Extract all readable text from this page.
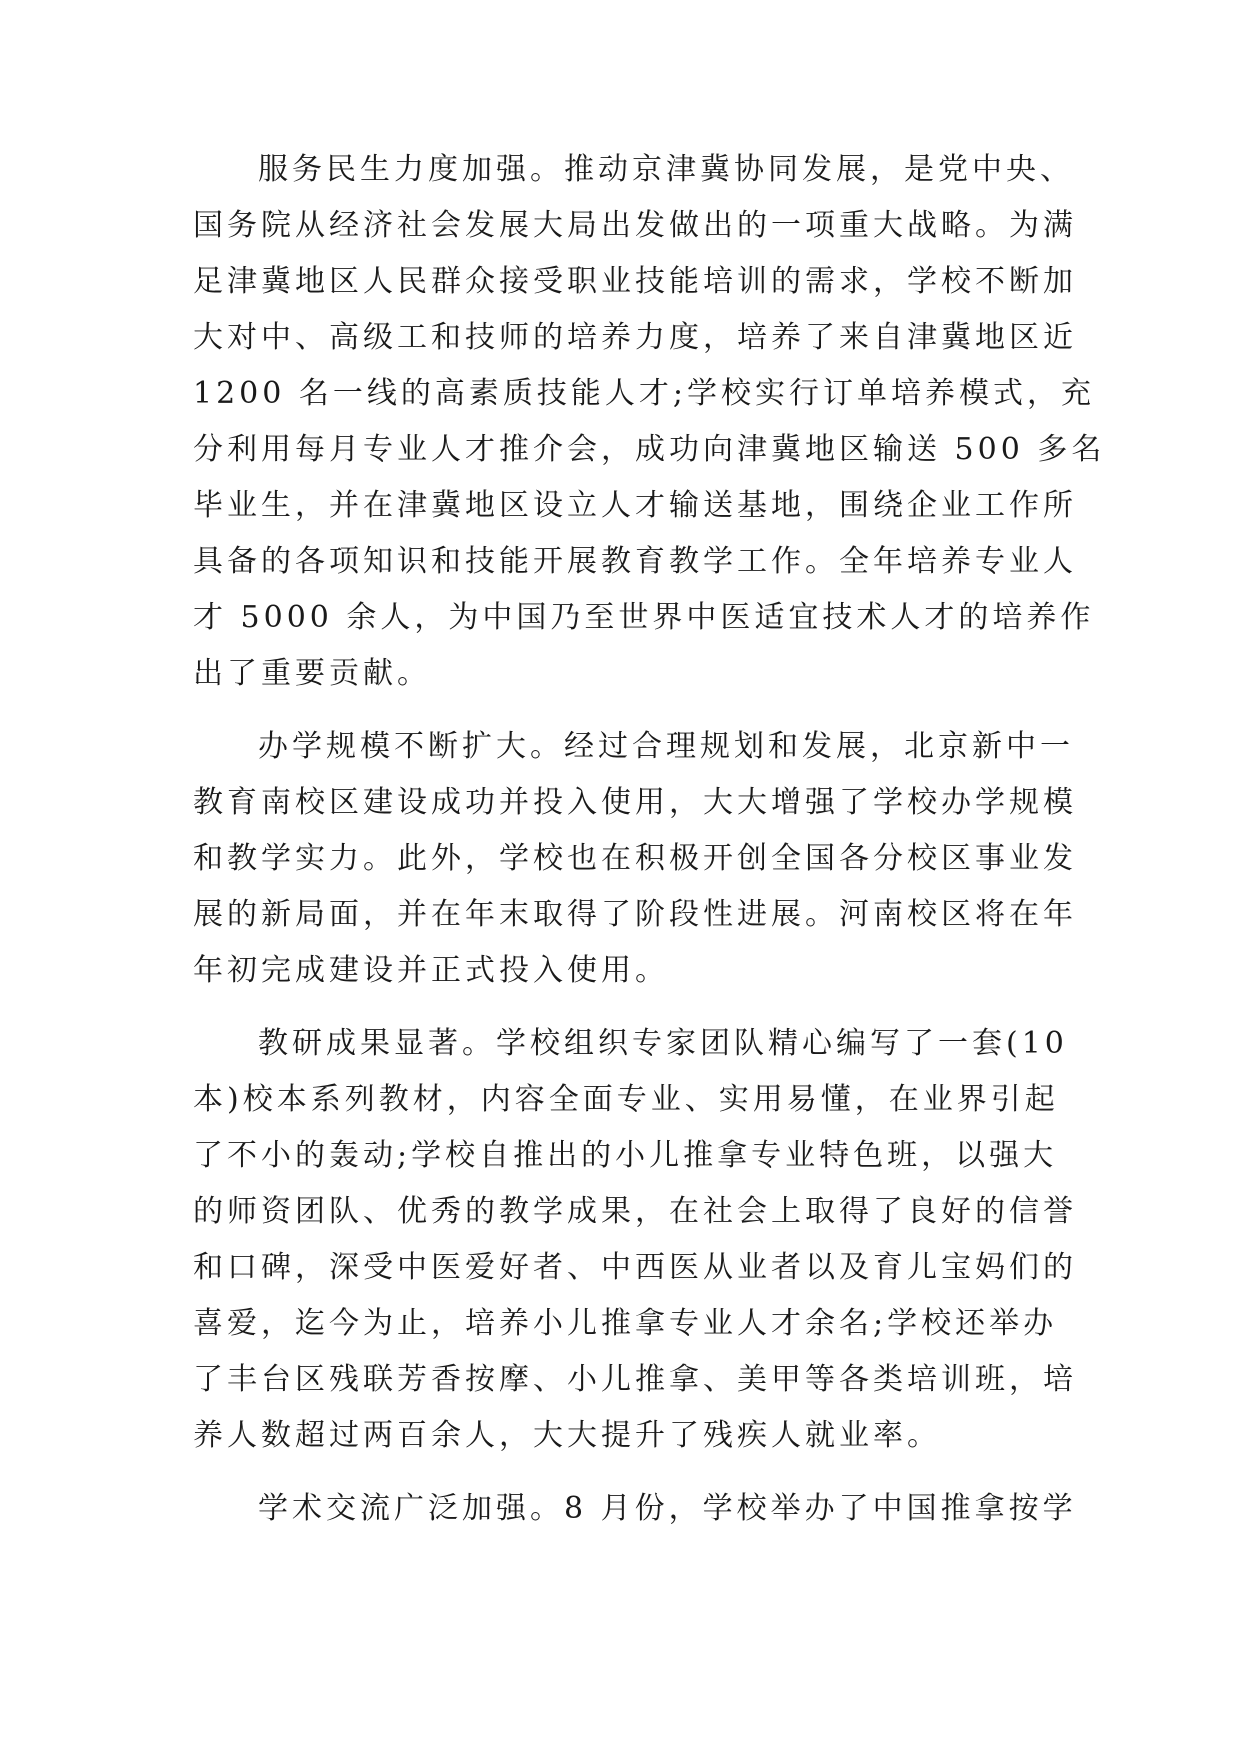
服务民生力度加强。推动京津冀协同发展，是党中央、
国务院从经济社会发展大局出发做出的一项重大战略。为满
足津冀地区人民群众接受职业技能培训的需求，学校不断加
大对中、高级工和技师的培养力度，培养了来自津冀地区近
1200 名一线的高素质技能人才;学校实行订单培养模式，充
分利用每月专业人才推介会，成功向津冀地区输送 500 多名
毕业生，并在津冀地区设立人才输送基地，围绕企业工作所
具备的各项知识和技能开展教育教学工作。全年培养专业人
才 5000 余人，为中国乃至世界中医适宜技术人才的培养作
出了重要贡献。
办学规模不断扩大。经过合理规划和发展，北京新中一
教育南校区建设成功并投入使用，大大增强了学校办学规模
和教学实力。此外，学校也在积极开创全国各分校区事业发
展的新局面，并在年末取得了阶段性进展。河南校区将在年
年初完成建设并正式投入使用。
教研成果显著。学校组织专家团队精心编写了一套(10
本)校本系列教材，内容全面专业、实用易懂，在业界引起
了不小的轰动;学校自推出的小儿推拿专业特色班，以强大
的师资团队、优秀的教学成果，在社会上取得了良好的信誉
和口碑，深受中医爱好者、中西医从业者以及育儿宝妈们的
喜爱，迄今为止，培养小儿推拿专业人才余名;学校还举办
了丰台区残联芳香按摩、小儿推拿、美甲等各类培训班，培
养人数超过两百余人，大大提升了残疾人就业率。
学术交流广泛加强。8 月份，学校举办了中国推拿按学
